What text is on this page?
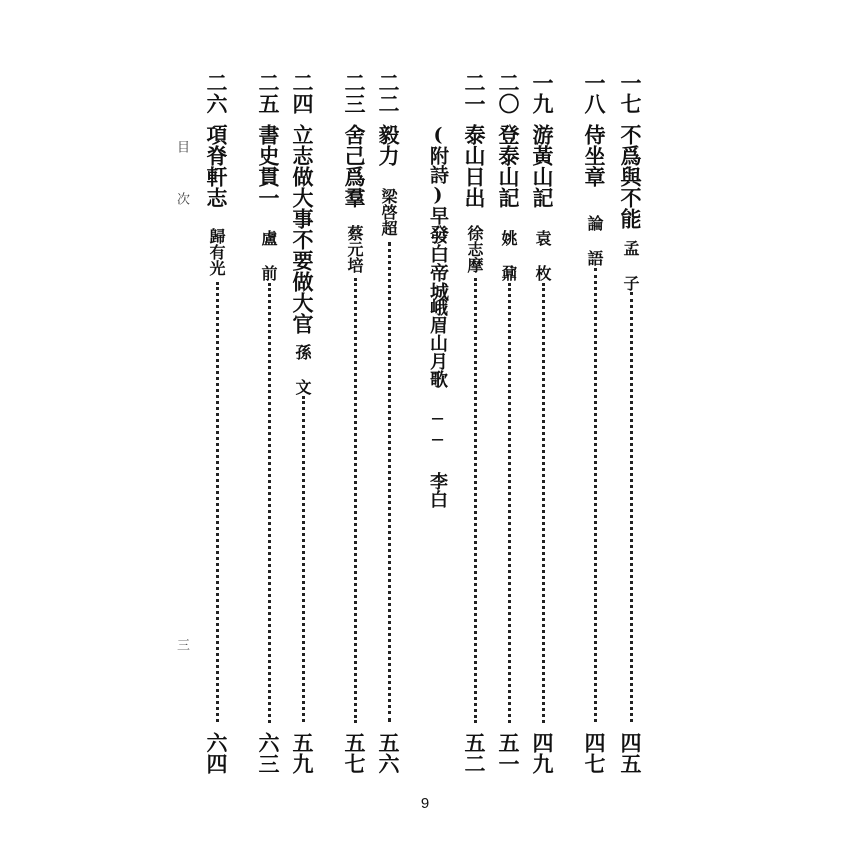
一七
不爲與不能
孟 子
四五
一八
侍坐章
論 語
四七
一九
游黃山記
袁 枚
四九
二〇
登泰山記
姚 鼐
五一
二一
泰山日出
徐志摩
五二
(附詩)早發白帝城
峨眉山月歌 ── 李白
二二
毅力
梁啓超
五六
二三
舍己爲羣
蔡元培
五七
二四
立志做大事不要做大官
孫 文
五九
二五
書史貫一
盧 前
六三
二六
項脊軒志
歸有光
六四
目 次
三
9
